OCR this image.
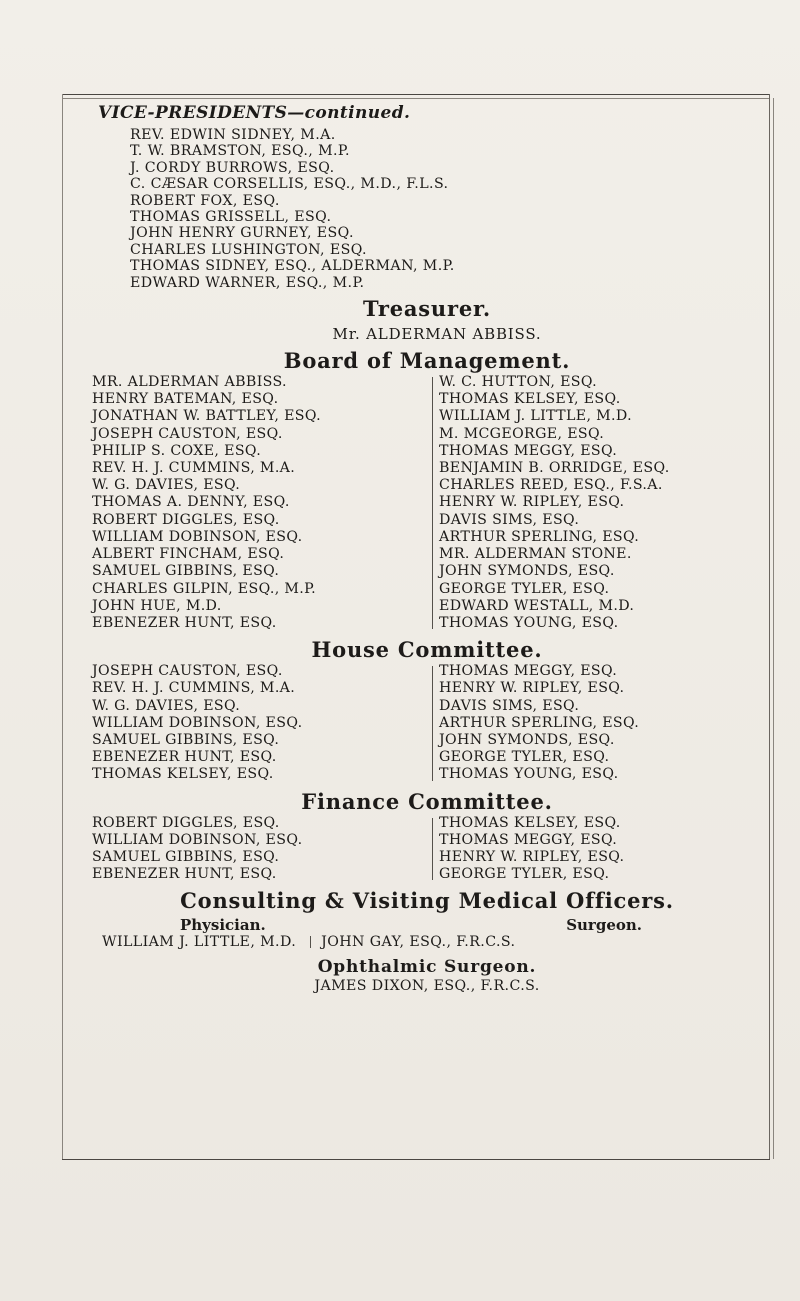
VICE-PRESIDENTS—continued.
REV. EDWIN SIDNEY, M.A.
T. W. BRAMSTON, ESQ., M.P.
J. CORDY BURROWS, ESQ.
C. CÆSAR CORSELLIS, ESQ., M.D., F.L.S.
ROBERT FOX, ESQ.
THOMAS GRISSELL, ESQ.
JOHN HENRY GURNEY, ESQ.
CHARLES LUSHINGTON, ESQ.
THOMAS SIDNEY, ESQ., ALDERMAN, M.P.
EDWARD WARNER, ESQ., M.P.
Treasurer.
Mr. ALDERMAN ABBISS.
Board of Management.
MR. ALDERMAN ABBISS.
HENRY BATEMAN, ESQ.
JONATHAN W. BATTLEY, ESQ.
JOSEPH CAUSTON, ESQ.
PHILIP S. COXE, ESQ.
REV. H. J. CUMMINS, M.A.
W. G. DAVIES, ESQ.
THOMAS A. DENNY, ESQ.
ROBERT DIGGLES, ESQ.
WILLIAM DOBINSON, ESQ.
ALBERT FINCHAM, ESQ.
SAMUEL GIBBINS, ESQ.
CHARLES GILPIN, ESQ., M.P.
JOHN HUE, M.D.
EBENEZER HUNT, ESQ.
W. C. HUTTON, ESQ.
THOMAS KELSEY, ESQ.
WILLIAM J. LITTLE, M.D.
M. MCGEORGE, ESQ.
THOMAS MEGGY, ESQ.
BENJAMIN B. ORRIDGE, ESQ.
CHARLES REED, ESQ., F.S.A.
HENRY W. RIPLEY, ESQ.
DAVIS SIMS, ESQ.
ARTHUR SPERLING, ESQ.
MR. ALDERMAN STONE.
JOHN SYMONDS, ESQ.
GEORGE TYLER, ESQ.
EDWARD WESTALL, M.D.
THOMAS YOUNG, ESQ.
House Committee.
JOSEPH CAUSTON, ESQ.
REV. H. J. CUMMINS, M.A.
W. G. DAVIES, ESQ.
WILLIAM DOBINSON, ESQ.
SAMUEL GIBBINS, ESQ.
EBENEZER HUNT, ESQ.
THOMAS KELSEY, ESQ.
THOMAS MEGGY, ESQ.
HENRY W. RIPLEY, ESQ.
DAVIS SIMS, ESQ.
ARTHUR SPERLING, ESQ.
JOHN SYMONDS, ESQ.
GEORGE TYLER, ESQ.
THOMAS YOUNG, ESQ.
Finance Committee.
ROBERT DIGGLES, ESQ.
WILLIAM DOBINSON, ESQ.
SAMUEL GIBBINS, ESQ.
EBENEZER HUNT, ESQ.
THOMAS KELSEY, ESQ.
THOMAS MEGGY, ESQ.
HENRY W. RIPLEY, ESQ.
GEORGE TYLER, ESQ.
Consulting & Visiting Medical Officers.
Physician.	Surgeon.
WILLIAM J. LITTLE, M.D. JOHN GAY, ESQ., F.R.C.S.
Ophthalmic Surgeon.
JAMES DIXON, ESQ., F.R.C.S.
